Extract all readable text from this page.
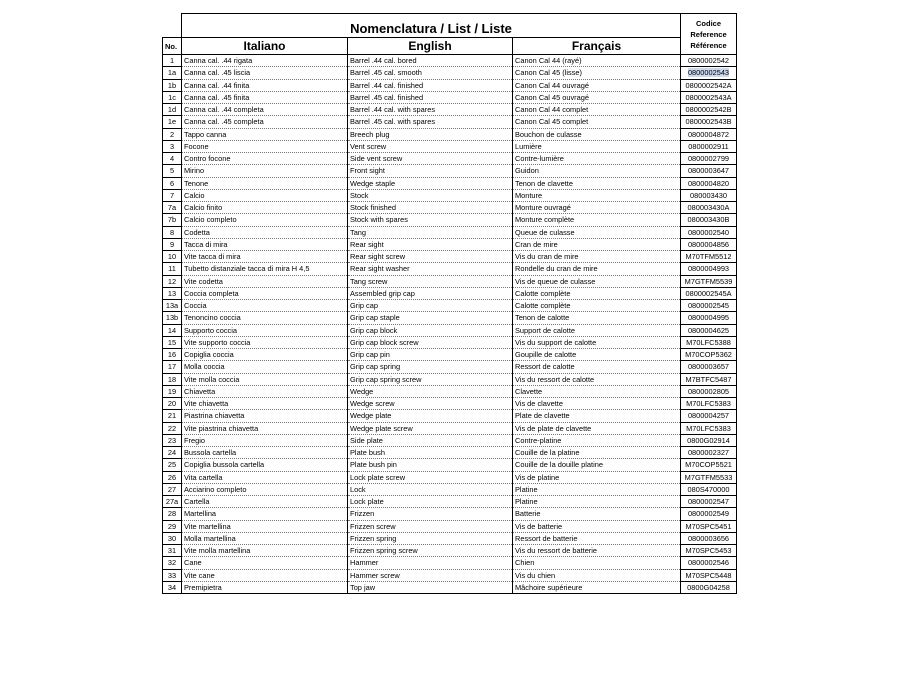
	Nomenclatura / List / Liste			Codice
Reference
Référence

No.	Italiano	English	Français	
1	Canna cal. .44 rigata	Barrel .44 cal. bored	Canon Cal 44 (rayé)	0800002542
1a	Canna cal. .45 liscia	Barrel .45 cal. smooth	Canon Cal 45 (lisse)	0800002543
1b	Canna cal. .44 finita	Barrel .44 cal. finished	Canon Cal 44 ouvragé	0800002542A
1c	Canna cal. .45 finita	Barrel .45 cal. finished	Canon Cal 45 ouvragé	0800002543A
1d	Canna cal. .44 completa	Barrel .44 cal. with spares	Canon Cal 44 complet	0800002542B
1e	Canna cal. .45 completa	Barrel .45 cal. with spares	Canon Cal 45 complet	0800002543B
2	Tappo canna	Breech plug	Bouchon de culasse	0800004872
3	Focone	Vent screw	Lumière	0800002911
4	Contro focone	Side vent screw	Contre-lumière	0800002799
5	Mirino	Front sight	Guidon	0800003647
6	Tenone	Wedge staple	Tenon de clavette	0800004820
7	Calcio	Stock	Monture	080003430
7a	Calcio finito	Stock finished	Monture ouvragé	080003430A
7b	Calcio completo	Stock with spares	Monture complète	080003430B
8	Codetta	Tang	Queue de culasse	0800002540
9	Tacca di mira	Rear sight	Cran de mire	0800004856
10	Vite tacca di mira	Rear sight screw	Vis du cran de mire	M70TFM5512
11	Tubetto distanziale tacca di mira H 4,5	Rear sight washer	Rondelle du cran de mire	0800004993
12	Vite codetta	Tang screw	Vis de queue de culasse	M7GTFM5539
13	Coccia completa	Assembled grip cap	Calotte complète	0800002545A
13a	Coccia	Grip cap	Calotte complète	0800002545
13b	Tenoncino coccia	Grip cap staple	Tenon de calotte	0800004995
14	Supporto coccia	Grip cap block	Support de calotte	0800004625
15	Vite supporto coccia	Grip cap block screw	Vis du support de calotte	M70LFC5388
16	Copiglia coccia	Grip cap pin	Goupille de calotte	M70COP5362
17	Molla coccia	Grip cap spring	Ressort de calotte	0800003657
18	Vite molla coccia	Grip cap spring screw	Vis du ressort de calotte	M7BTFC5487
19	Chiavetta	Wedge	Clavette	0800002805
20	Vite chiavetta	Wedge screw	Vis de clavette	M70LFC5383
21	Piastrina chiavetta	Wedge plate	Plate de clavette	0800004257
22	Vite piastrina chiavetta	Wedge plate screw	Vis de plate de clavette	M70LFC5383
23	Fregio	Side plate	Contre-platine	0800G02914
24	Bussola cartella	Plate bush	Couille de la platine	0800002327
25	Copiglia bussola cartella	Plate bush pin	Couille de la douille platine	M70COP5521
26	Vita cartella	Lock plate screw	Vis de platine	M7GTFM5533
27	Acciarino completo	Lock	Platine	080S470000
27a	Cartella	Lock plate	Platine	0800002547
28	Martellina	Frizzen	Batterie	0800002549
29	Vite martellina	Frizzen screw	Vis de batterie	M70SPC5451
30	Molla martellina	Frizzen spring	Ressort de batterie	0800003656
31	Vite molla martellina	Frizzen spring screw	Vis du ressort de batterie	M70SPC5453
32	Cane	Hammer	Chien	0800002546
33	Vite cane	Hammer screw	Vis du chien	M70SPC5448
34	Premipietra	Top jaw	Mâchoire supérieure	0800G04258
